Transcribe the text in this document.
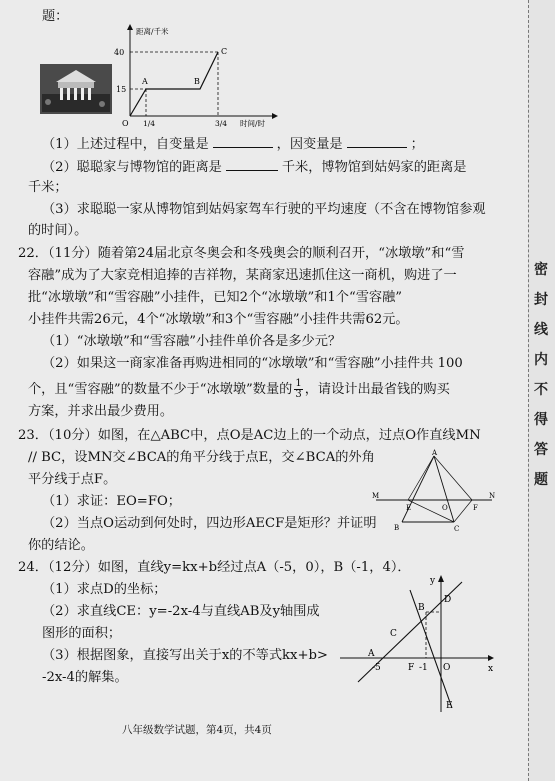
题：
距离/千米
时间/时
40
15
O 1/4	3/4
A	B
C
（1）上述过程中，自变量是	，因变量是	；
（2）聪聪家与博物馆的距离是	千米，博物馆到姑妈家的距离是
千米；
（3）求聪聪一家从博物馆到姑妈家驾车行驶的平均速度（不含在博物馆参观
的时间）。
22．（11分）随着第24届北京冬奥会和冬残奥会的顺利召开，“冰墩墩”和“雪
容融”成为了大家竞相追捧的吉祥物，某商家迅速抓住这一商机，购进了一
批“冰墩墩”和“雪容融”小挂件，已知2个“冰墩墩”和1个“雪容融”
小挂件共需26元，4个“冰墩墩”和3个“雪容融”小挂件共需62元。
（1）“冰墩墩”和“雪容融”小挂件单价各是多少元？
（2）如果这一商家准备再购进相同的“冰墩墩”和“雪容融”小挂件共 100
个，且“雪容融”的数量不少于“冰墩墩”数量的 $\frac{1}{3}$ ，请设计出最省钱的购买
方案，并求出最少费用。
23．（10分）如图，在△ABC中，点O是AC边上的一个动点，过点O作直线MN
// BC，设MN交∠BCA的角平分线于点E，交∠BCA的外角
平分线于点F。
（1）求证：EO=FO；
（2）当点O运动到何处时，四边形AECF是矩形？并证明
你的结论。
A
M	N
E	O	F
B	C
24．（12分）如图，直线y=kx+b经过点A（-5，0），B（-1，4）．
（1）求点D的坐标；
（2）求直线CE：y=-2x-4与直线AB及y轴围成
图形的面积；
（3）根据图象，直接写出关于x的不等式kx+b>
-2x-4的解集。
y
x
B
D
C
A
-5	F -1 O
E
八年级数学试题，第4页，共4页
密封线内不得答题
